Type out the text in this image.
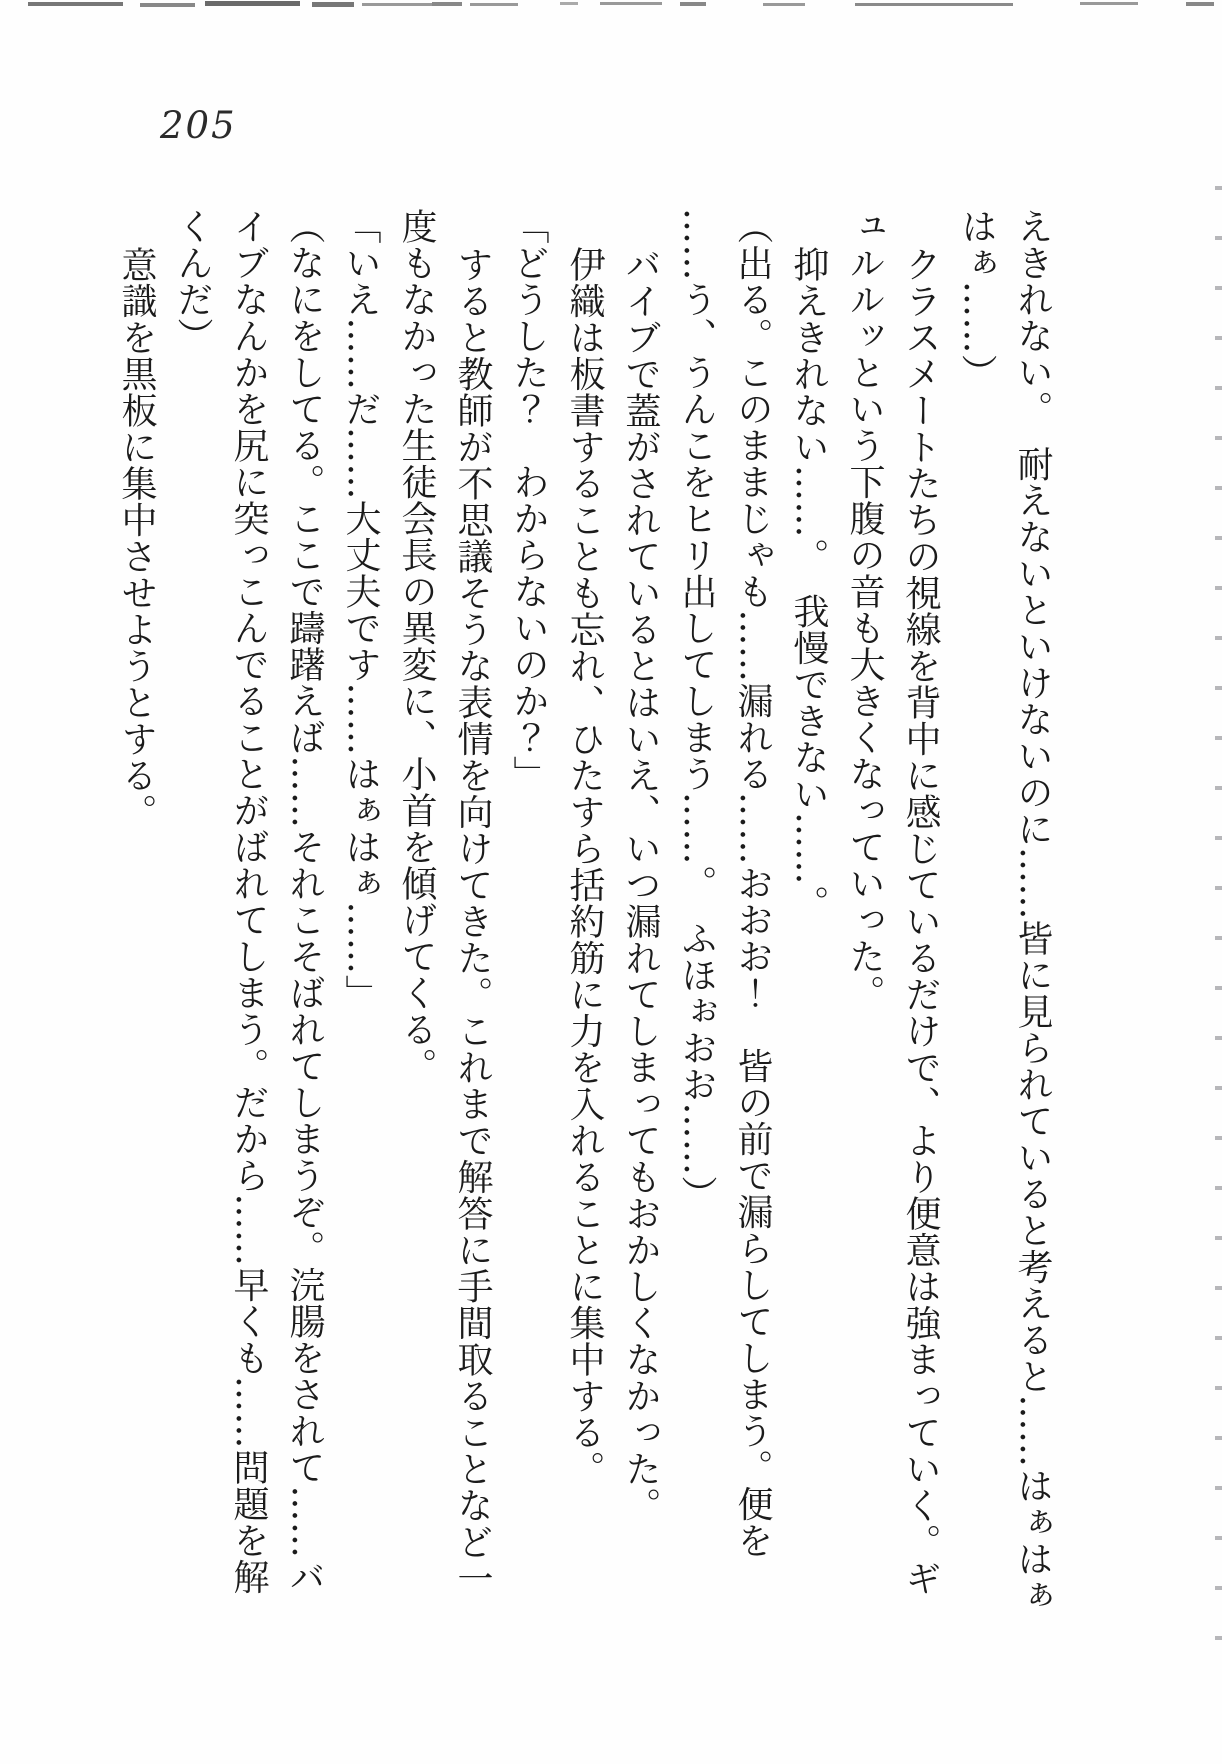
205
えきれない。　耐えないといけないのに……皆に見られていると考えると……はぁはぁ
はぁ……）
クラスメートたちの視線を背中に感じているだけで、より便意は強まっていく。ギ
ュルルッという下腹の音も大きくなっていった。
抑えきれない……。　我慢できない……。
（出る。このままじゃも……漏れる……おおお！　皆の前で漏らしてしまう。便を
……う、うんこをヒリ出してしまう……。　ふほぉおお……）
バイブで蓋がされているとはいえ、いつ漏れてしまってもおかしくなかった。
伊織は板書することも忘れ、ひたすら括約筋に力を入れることに集中する。
「どうした？　わからないのか？」
すると教師が不思議そうな表情を向けてきた。これまで解答に手間取ることなど一
度もなかった生徒会長の異変に、小首を傾げてくる。
「いえ……だ……大丈夫です……はぁはぁ……」
（なにをしてる。ここで躊躇えば……それこそばれてしまうぞ。浣腸をされて……バ
イブなんかを尻に突っこんでることがばれてしまう。だから……早くも……問題を解
くんだ）
意識を黒板に集中させようとする。
